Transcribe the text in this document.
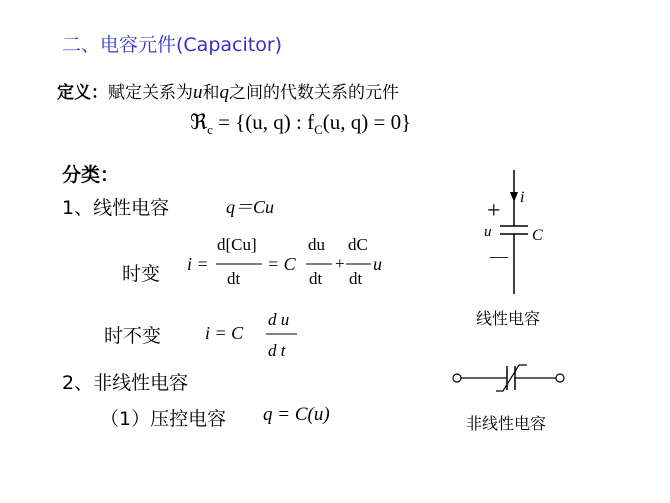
二、电容元件(Capacitor)
定义：赋定关系为u和q之间的代数关系的元件
ℜ$_c$ = {(u, q) : $f_C(u$, q) = 0}
分类：
1、线性电容	q＝Cu
时变 i =
d[Cu]
dt
= C
du
dt
+
dC
dt
u
时不变 i = C
d u
d t
2、非线性电容
（1）压控电容 q = C(u)
i
+
u
—
C
线性电容
非线性电容
